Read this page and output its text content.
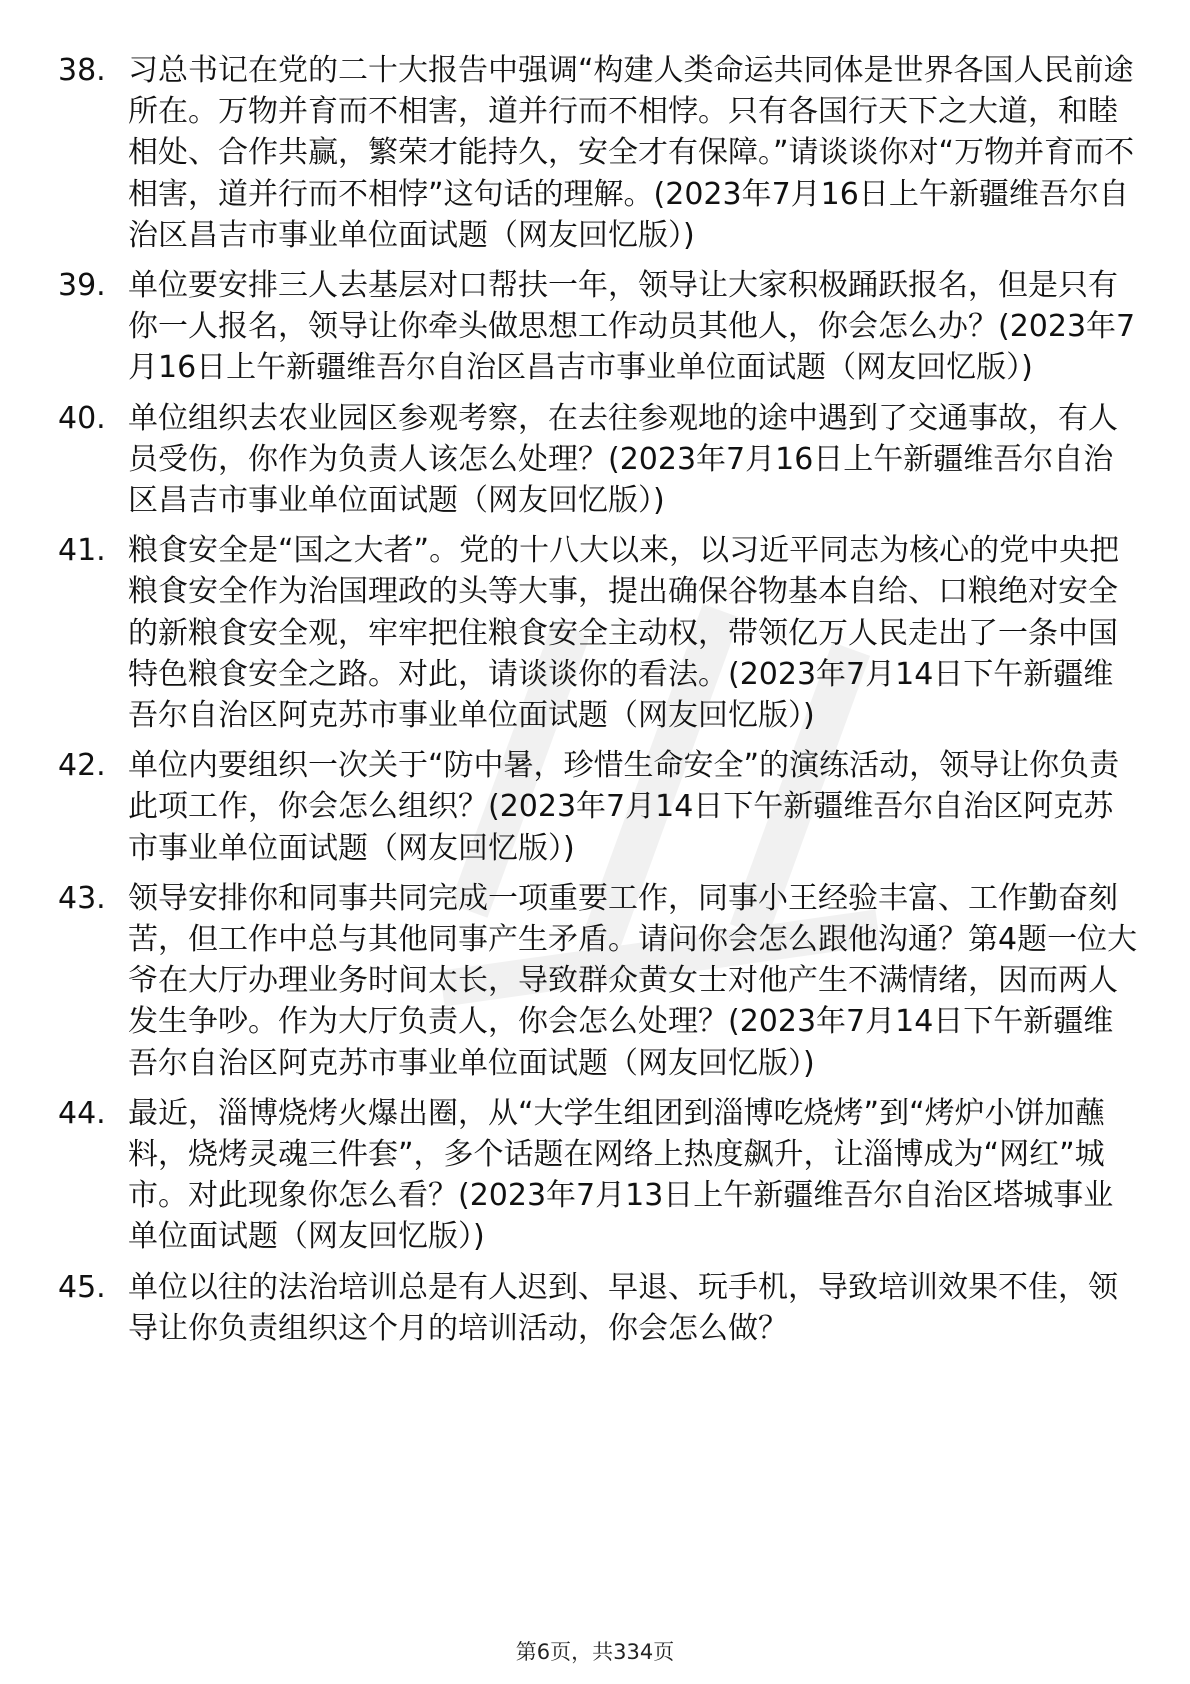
38. 习总书记在党的二十大报告中强调“构建人类命运共同体是世界各国人民前途所在。万物并育而不相害，道并行而不相悖。只有各国行天下之大道，和睦相处、合作共赢，繁荣才能持久，安全才有保障。”请谈谈你对“万物并育而不相害，道并行而不相悖”这句话的理解。(2023年7月16日上午新疆维吾尔自治区昌吉市事业单位面试题（网友回忆版）)
39. 单位要安排三人去基层对口帮扶一年，领导让大家积极踊跃报名，但是只有你一人报名，领导让你牵头做思想工作动员其他人，你会怎么办？(2023年7月16日上午新疆维吾尔自治区昌吉市事业单位面试题（网友回忆版）)
40. 单位组织去农业园区参观考察，在去往参观地的途中遇到了交通事故，有人员受伤，你作为负责人该怎么处理？(2023年7月16日上午新疆维吾尔自治区昌吉市事业单位面试题（网友回忆版）)
41. 粮食安全是“国之大者”。党的十八大以来，以习近平同志为核心的党中央把粮食安全作为治国理政的头等大事，提出确保谷物基本自给、口粮绝对安全的新粮食安全观，牢牢把住粮食安全主动权，带领亿万人民走出了一条中国特色粮食安全之路。对此，请谈谈你的看法。(2023年7月14日下午新疆维吾尔自治区阿克苏市事业单位面试题（网友回忆版）)
42. 单位内要组织一次关于“防中暑，珍惜生命安全”的演练活动，领导让你负责此项工作，你会怎么组织？(2023年7月14日下午新疆维吾尔自治区阿克苏市事业单位面试题（网友回忆版）)
43. 领导安排你和同事共同完成一项重要工作，同事小王经验丰富、工作勤奋刻苦，但工作中总与其他同事产生矛盾。请问你会怎么跟他沟通？第4题一位大爷在大厅办理业务时间太长，导致群众黄女士对他产生不满情绪，因而两人发生争吵。作为大厅负责人，你会怎么处理？(2023年7月14日下午新疆维吾尔自治区阿克苏市事业单位面试题（网友回忆版）)
44. 最近，淄博烧烤火爆出圈，从“大学生组团到淄博吃烧烤”到“烤炉小饼加蘸料，烧烤灵魂三件套”，多个话题在网络上热度飙升，让淄博成为“网红”城市。对此现象你怎么看？(2023年7月13日上午新疆维吾尔自治区塔城事业单位面试题（网友回忆版）)
45. 单位以往的法治培训总是有人迟到、早退、玩手机，导致培训效果不佳，领导让你负责组织这个月的培训活动，你会怎么做？
第6页，共334页
